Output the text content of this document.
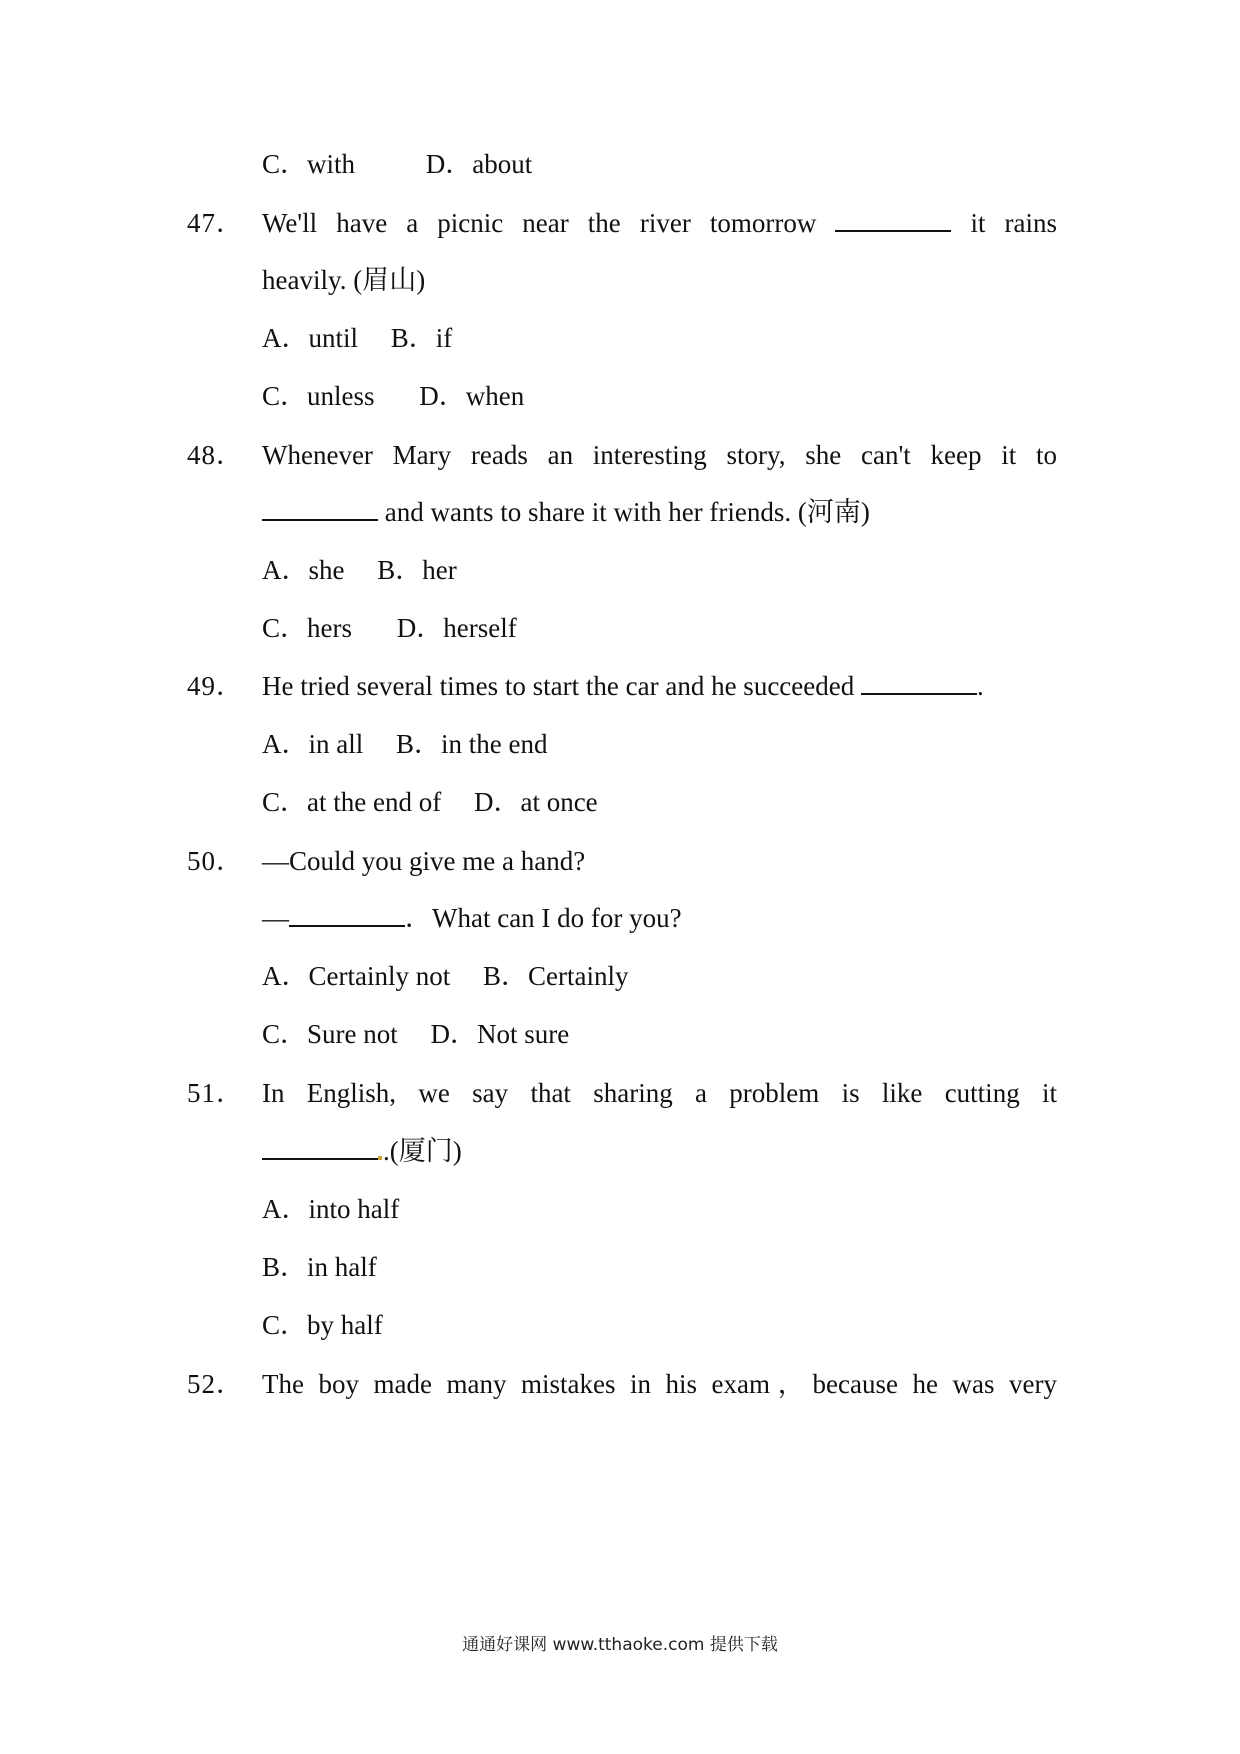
C．with	D．about
47． We'll have a picnic near the river tomorrow	it rains
heavily. (眉山)
A．until B．if
C．unless D．when
48． Whenever Mary reads an interesting story, she can't keep it to
and wants to share it with her friends. (河南)
A．she B．her
C．hers D．herself
49． He tried several times to start the car and he succeeded	.
A．in all B．in the end
C．at the end of D．at once
50． —Could you give me a hand?
—	．What can I do for you?
A．Certainly not B．Certainly
C．Sure not D．Not sure
51． In English, we say that sharing a problem is like cutting it
.(厦门)
A．into half
B．in half
C．by half
52． The boy made many mistakes in his exam，because he was very
通通好课网 www.tthaoke.com 提供下载
